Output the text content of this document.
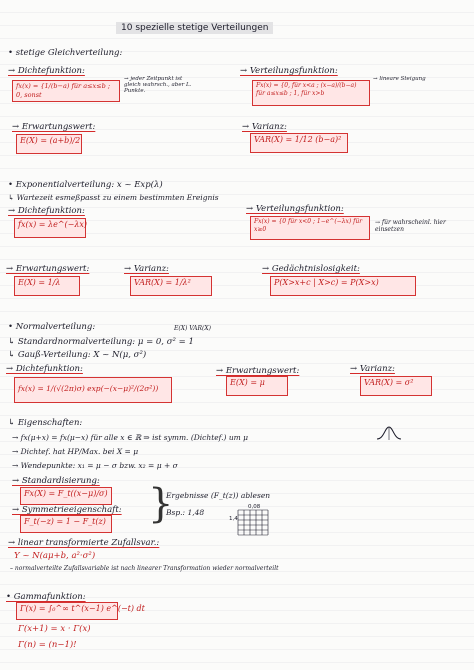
10 spezielle stetige Verteilungen
• stetige Gleichverteilung:
→ Dichtefunktion:
fx(x) = {1/(b−a) für a≤x≤b ; 0, sonst
→ jeder Zeitpunkt ist gleich wahrsch., aber L. Punkte.
→ Verteilungsfunktion:
Fx(x) = {0, für x<a ; (x−a)/(b−a) für a≤x≤b ; 1, für x>b
→ lineare Steigung
→ Erwartungswert:
E(X) = (a+b)/2
→ Varianz:
VAR(X) = 1/12 (b−a)²
• Exponentialverteilung: x ~ Exp(λ)
↳ Wartezeit esmeßpasst zu einem bestimmten Ereignis
→ Dichtefunktion:
fx(x) = λe^(−λx)
→ Verteilungsfunktion:
Fx(x) = {0 für x<0 ; 1−e^(−λx) für x≥0
→ für wahrscheinl. hier einsetzen
→ Erwartungswert:
E(X) = 1/λ
→ Varianz:
VAR(X) = 1/λ²
→ Gedächtnislosigkeit:
P(X>x+c | X>c) = P(X>x)
• Normalverteilung:	E(X) VAR(X)
↳ Standardnormalverteilung: μ = 0, σ² = 1
↳ Gauß-Verteilung: X ~ N(μ, σ²)
→ Dichtefunktion:
fx(x) = 1/(√(2π)σ) exp(−(x−μ)²/(2σ²))
→ Erwartungswert:
E(X) = μ
→ Varianz:
VAR(X) = σ²
↳ Eigenschaften:
→ fx(μ+x) = fx(μ−x) für alle x ∈ ℝ ⇒ ist symm. (Dichtef.) um μ
→ Dichtef. hat HP/Max. bei X = μ
→ Wendepunkte: x₁ = μ − σ bzw. x₂ = μ + σ
→ Standardisierung:
Fx(X) = F_t((x−μ)/σ)
→ Symmetrieeigenschaft:
F_t(−z) = 1 − F_t(z) }
Ergebnisse (F_t(z)) ablesen
Bsp.: 1,48
0,08
1,4
→ linear transformierte Zufallsvar.:
Y ~ N(aμ+b, a²·σ²)
– normalverteilte Zufallsvariable ist nach linearer Transformation wieder normalverteilt
• Gammafunktion:
Γ(x) = ∫₀^∞ t^(x−1) e^(−t) dt
Γ(x+1) = x · Γ(x)
Γ(n) = (n−1)!
